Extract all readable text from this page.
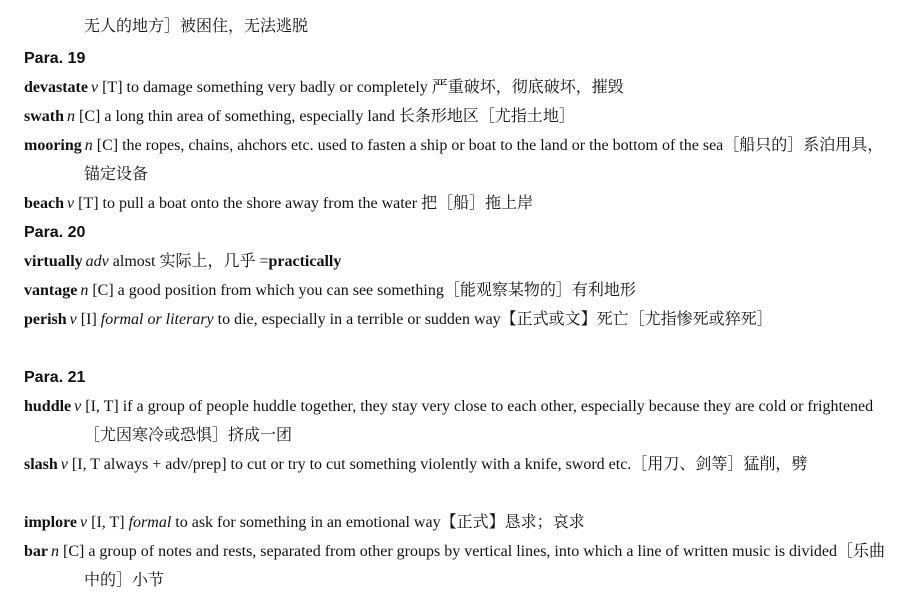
无人的地方］被困住，无法逃脱
Para. 19
devastate v [T] to damage something very badly or completely 严重破坏，彻底破坏，摧毁
swath n [C] a long thin area of something, especially land 长条形地区［尤指土地］
mooring n [C] the ropes, chains, ahchors etc. used to fasten a ship or boat to the land or the bottom of the sea［船只的］系泊用具，锚定设备
beach v [T] to pull a boat onto the shore away from the water 把［船］拖上岸
Para. 20
virtually adv almost 实际上，几乎 =practically
vantage n [C] a good position from which you can see something［能观察某物的］有利地形
perish v [I] formal or literary to die, especially in a terrible or sudden way【正式或文】死亡［尤指惨死或猝死］
Para. 21
huddle v [I, T] if a group of people huddle together, they stay very close to each other, especially because they are cold or frightened［尤因寒冷或恐惧］挤成一团
slash v [I, T always + adv/prep] to cut or try to cut something violently with a knife, sword etc.［用刀、剑等］猛削，劈
implore v [I, T] formal to ask for something in an emotional way【正式】恳求；哀求
bar n [C] a group of notes and rests, separated from other groups by vertical lines, into which a line of written music is divided［乐曲中的］小节
